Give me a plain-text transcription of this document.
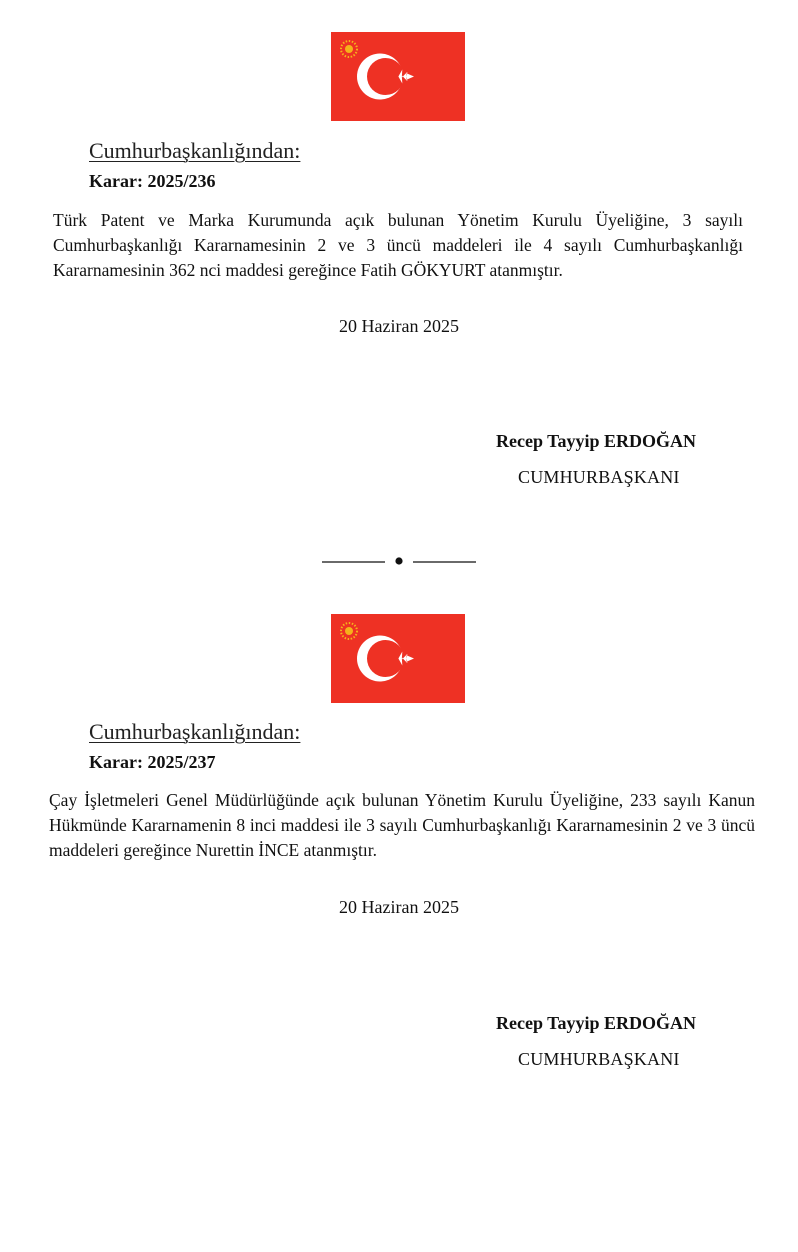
Cumhurbaşkanlığından:
Karar: 2025/236
Türk Patent ve Marka Kurumunda açık bulunan Yönetim Kurulu Üyeliğine, 3 sayılı Cumhurbaşkanlığı Kararnamesinin 2 ve 3 üncü maddeleri ile 4 sayılı Cumhurbaşkanlığı Kararnamesinin 362 nci maddesi gereğince Fatih GÖKYURT atanmıştır.
20 Haziran 2025
Recep Tayyip ERDOĞAN
CUMHURBAŞKANI
Cumhurbaşkanlığından:
Karar: 2025/237
Çay İşletmeleri Genel Müdürlüğünde açık bulunan Yönetim Kurulu Üyeliğine, 233 sayılı Kanun Hükmünde Kararnamenin 8 inci maddesi ile 3 sayılı Cumhurbaşkanlığı Kararnamesinin 2 ve 3 üncü maddeleri gereğince Nurettin İNCE atanmıştır.
20 Haziran 2025
Recep Tayyip ERDOĞAN
CUMHURBAŞKANI
